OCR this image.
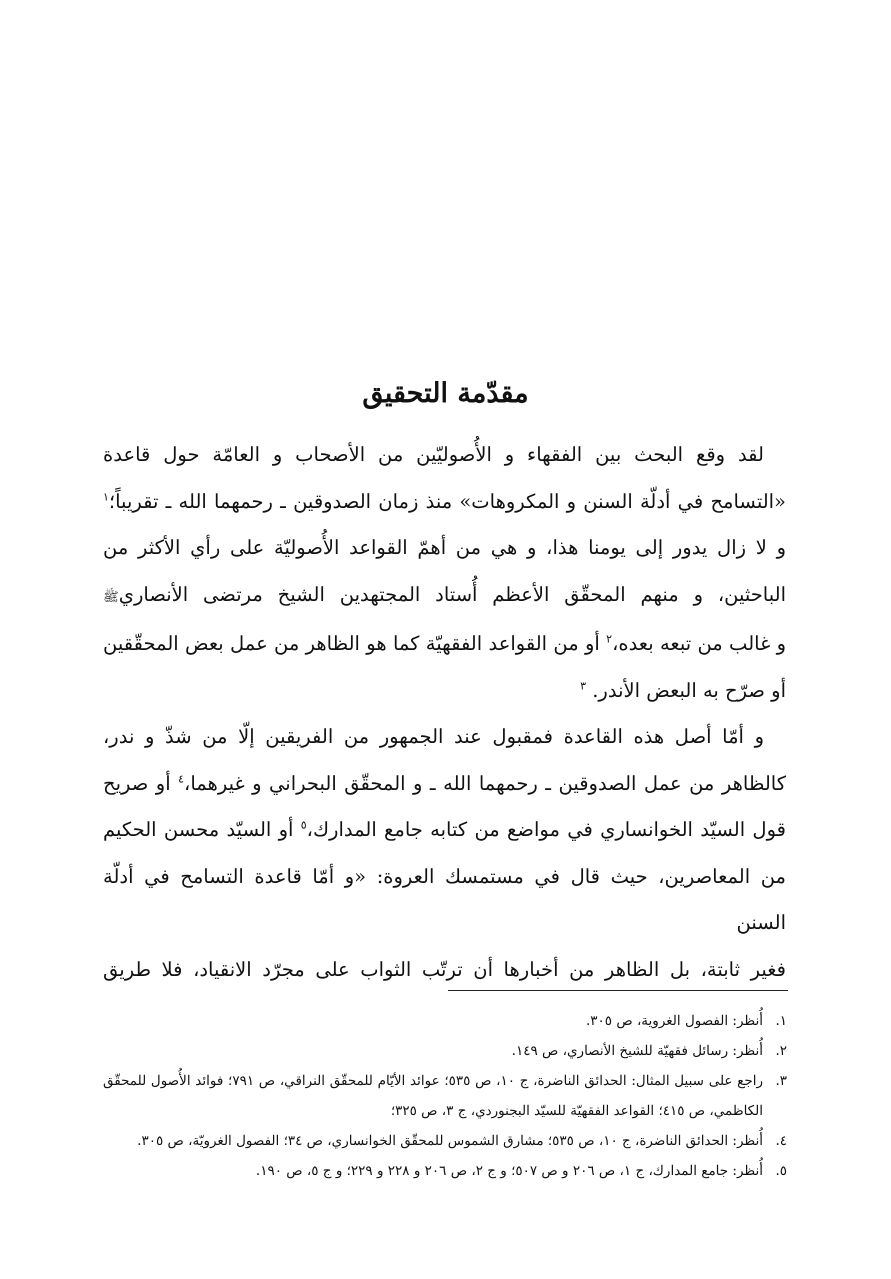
مقدّمة التحقيق

لقد وقع البحث بين الفقهاء و الأُصوليّين من الأصحاب و العامّة حول قاعدة

«التسامح في أدلّة السنن و المكروهات» منذ زمان الصدوقين ـ رحمهما الله ـ تقريباً؛$^١$

و لا زال يدور إلى يومنا هذا، و هي من أهمّ القواعد الأُصوليّة على رأي الأكثر من

الباحثين، و منهم المحقّق الأعظم أُستاد المجتهدين الشيخ مرتضى الأنصاريﷺ

و غالب من تبعه بعده،$^٢$ أو من القواعد الفقهيّة كما هو الظاهر من عمل بعض المحقّقين

أو صرّح به البعض الأندر. $^٣$

و أمّا أصل هذه القاعدة فمقبول عند الجمهور من الفريقين إلّا من شذّ و ندر،

كالظاهر من عمل الصدوقين ـ رحمهما الله ـ و المحقّق البحراني و غيرهما،$^٤$ أو صريح

قول السيّد الخوانساري في مواضع من كتابه جامع المدارك،$^٥$ أو السيّد محسن الحكيم

من المعاصرين، حيث قال في مستمسك العروة: «و أمّا قاعدة التسامح في أدلّة السنن

فغير ثابتة، بل الظاهر من أخبارها أن ترتّب الثواب على مجرّد الانقياد، فلا طريق

١.
أُنظر: الفصول الغروية، ص ٣٠٥.
٢.
أُنظر: رسائل فقهيّة للشيخ الأنصاري، ص ١٤٩.
٣.
راجع على سبيل المثال: الحدائق الناضرة، ج ١٠، ص ٥٣٥؛ عوائد الأيّام للمحقّق النراقي، ص ٧٩١؛ فوائد الأُصول للمحقّق الكاظمي، ص ٤١٥؛ القواعد الفقهيّة للسيّد البجنوردي، ج ٣، ص ٣٢٥؛
٤.
أُنظر: الحدائق الناضرة، ج ١٠، ص ٥٣٥؛ مشارق الشموس للمحقّق الخوانساري، ص ٣٤؛ الفصول الغرويّة، ص ٣٠٥.
٥.
أُنظر: جامع المدارك، ج ١، ص ٢٠٦ و ص ٥٠٧؛ و ج ٢، ص ٢٠٦ و ٢٢٨ و ٢٢٩؛ و ج ٥، ص ١٩٠.
